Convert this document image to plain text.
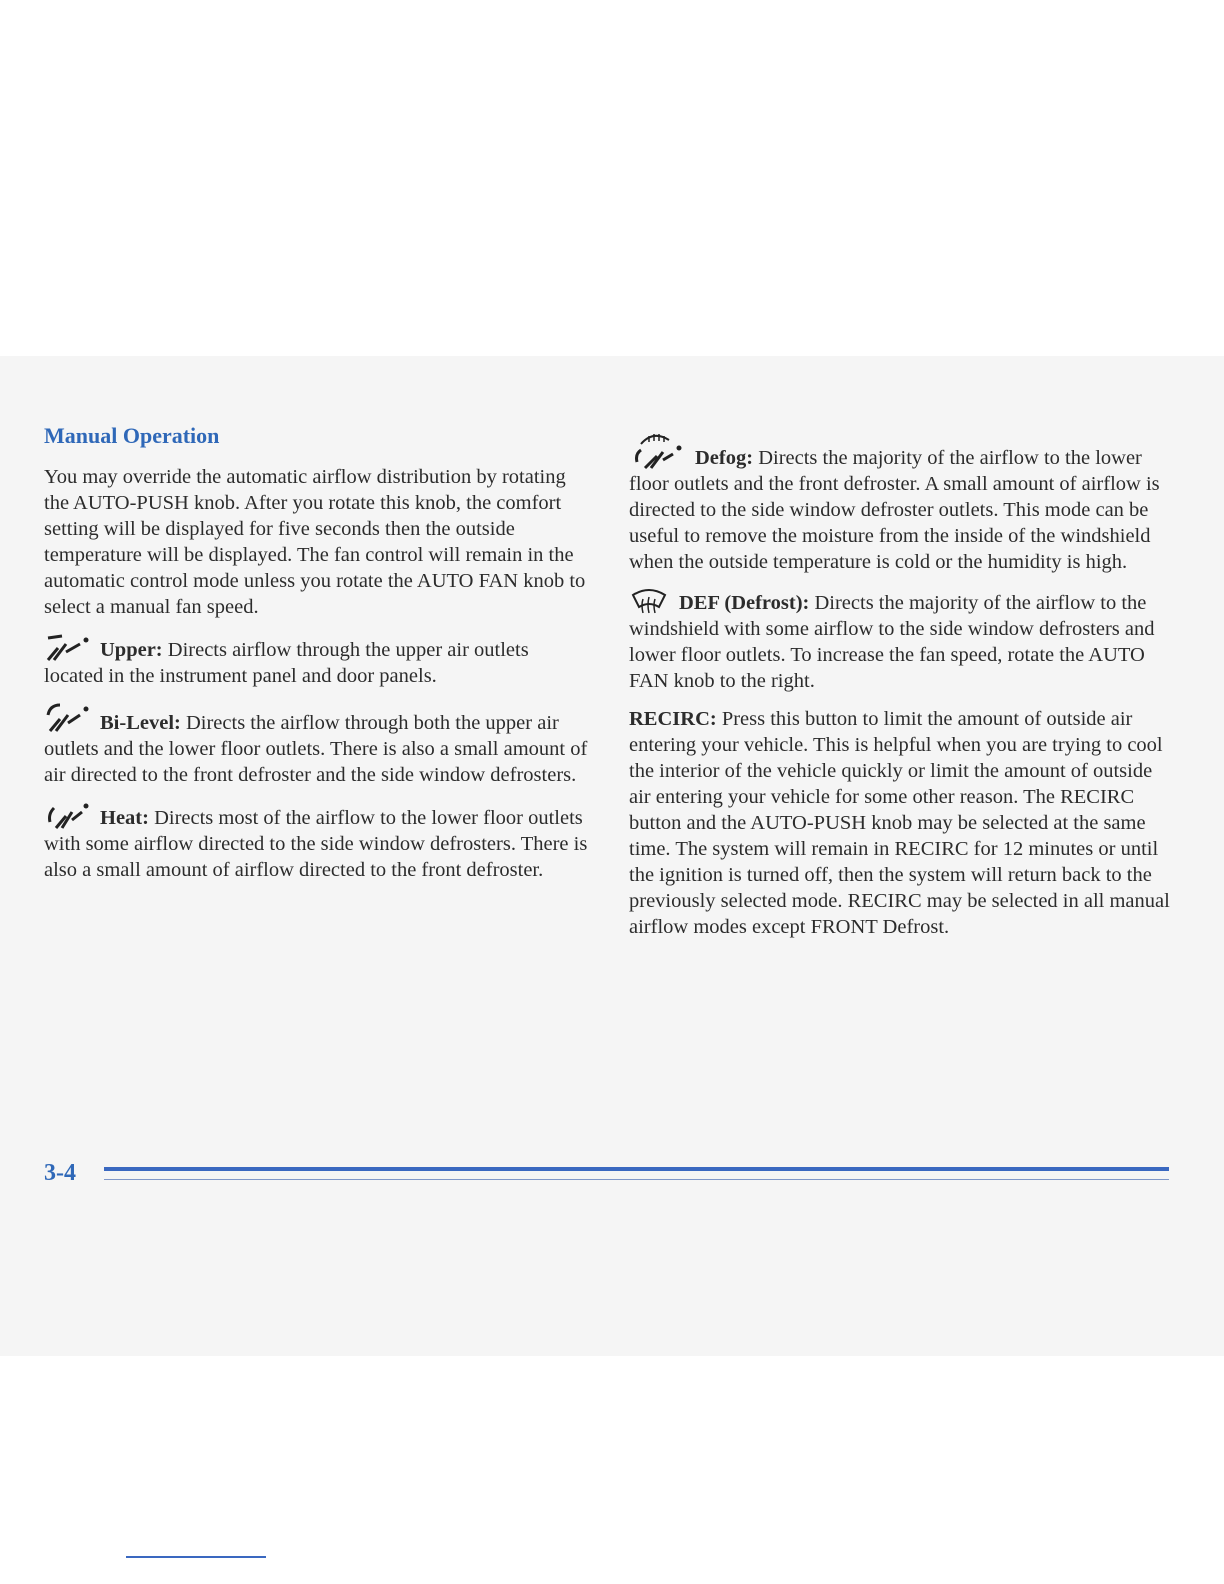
Manual Operation

You may override the automatic airflow distribution by rotating the AUTO-PUSH knob. After you rotate this knob, the comfort setting will be displayed for five seconds then the outside temperature will be displayed. The fan control will remain in the automatic control mode unless you rotate the AUTO FAN knob to select a manual fan speed.

Upper: Directs airflow through the upper air outlets located in the instrument panel and door panels.

Bi-Level: Directs the airflow through both the upper air outlets and the lower floor outlets. There is also a small amount of air directed to the front defroster and the side window defrosters.

Heat: Directs most of the airflow to the lower floor outlets with some airflow directed to the side window defrosters. There is also a small amount of airflow directed to the front defroster.

Defog: Directs the majority of the airflow to the lower floor outlets and the front defroster. A small amount of airflow is directed to the side window defroster outlets. This mode can be useful to remove the moisture from the inside of the windshield when the outside temperature is cold or the humidity is high.

DEF (Defrost): Directs the majority of the airflow to the windshield with some airflow to the side window defrosters and lower floor outlets. To increase the fan speed, rotate the AUTO FAN knob to the right.

RECIRC: Press this button to limit the amount of outside air entering your vehicle. This is helpful when you are trying to cool the interior of the vehicle quickly or limit the amount of outside air entering your vehicle for some other reason. The RECIRC button and the AUTO-PUSH knob may be selected at the same time. The system will remain in RECIRC for 12 minutes or until the ignition is turned off, then the system will return back to the previously selected mode. RECIRC may be selected in all manual airflow modes except FRONT Defrost.

3-4
